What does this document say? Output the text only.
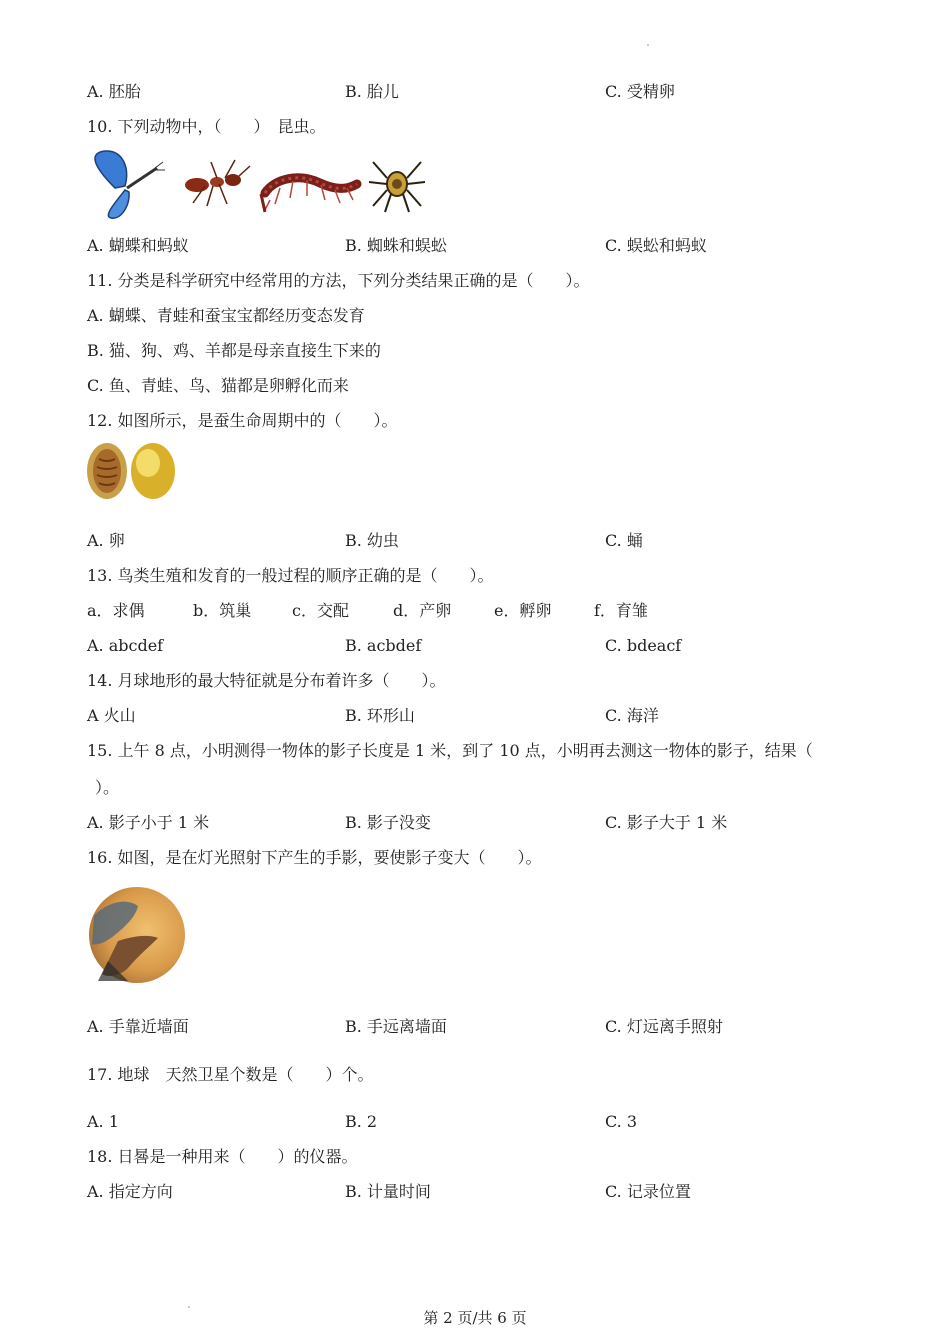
A. 胚胎	B. 胎儿	C. 受精卵
10. 下列动物中，（　　）　昆虫。
A. 蝴蝶和蚂蚁	B. 蜘蛛和蜈蚣	C. 蜈蚣和蚂蚁
11. 分类是科学研究中经常用的方法，下列分类结果正确的是（　　）。
A. 蝴蝶、青蛙和蚕宝宝都经历变态发育
B. 猫、狗、鸡、羊都是母亲直接生下来的
C. 鱼、青蛙、鸟、猫都是卵孵化而来
12. 如图所示，是蚕生命周期中的（　　）。
A. 卵	B. 幼虫	C. 蛹
13. 鸟类生殖和发育的一般过程的顺序正确的是（　　）。
a．求偶	b．筑巢	c．交配	d．产卵	e．孵卵	f．育雏
A. abcdef	B. acbdef	C. bdeacf
14. 月球地形的最大特征就是分布着许多（　　）。
A 火山	B. 环形山	C. 海洋
15. 上午 8 点，小明测得一物体的影子长度是 1 米，到了 10 点，小明再去测这一物体的影子，结果（
）。
A. 影子小于 1 米	B. 影子没变	C. 影子大于 1 米
16. 如图，是在灯光照射下产生的手影，要使影子变大（　　）。
A. 手靠近墙面	B. 手远离墙面	C. 灯远离手照射
17. 地球　天然卫星个数是（　　）个。
A. 1	B. 2	C. 3
18. 日晷是一种用来（　　）的仪器。
A. 指定方向	B. 计量时间	C. 记录位置
第 2 页/共 6 页
